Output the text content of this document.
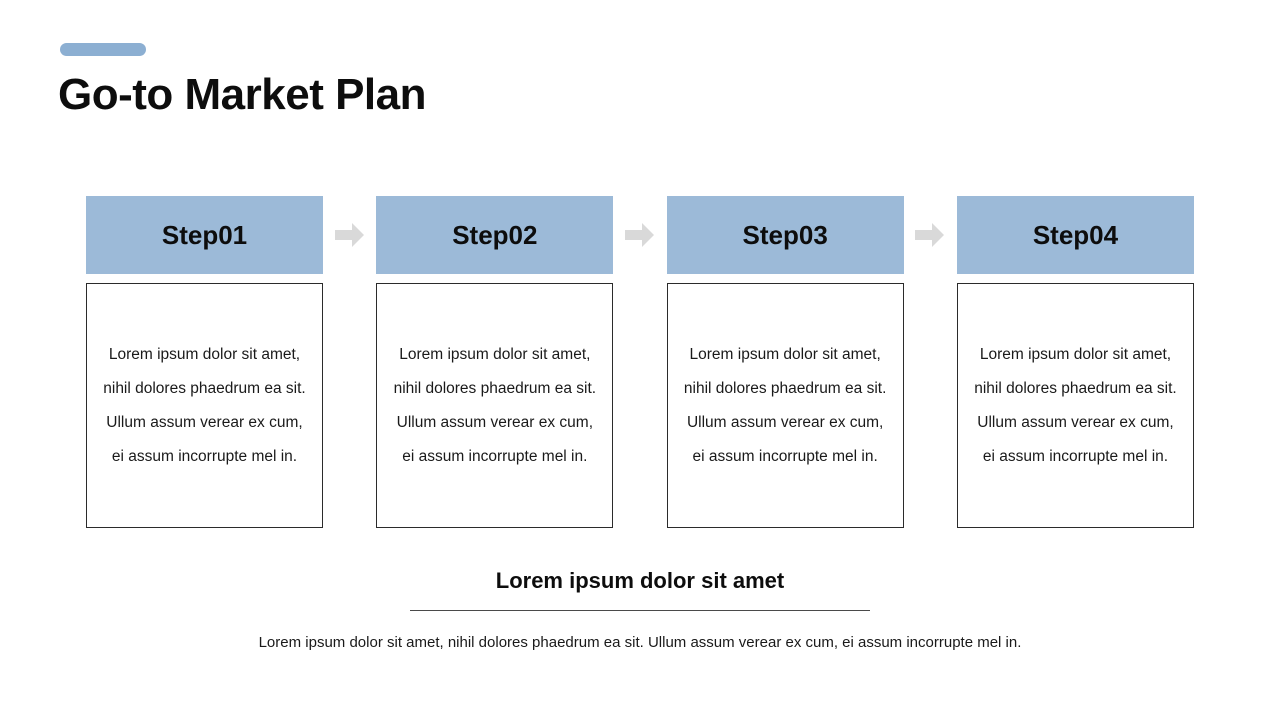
Go-to Market Plan
Step01
Lorem ipsum dolor sit amet, nihil dolores phaedrum ea sit. Ullum assum verear ex cum, ei assum incorrupte mel in.
Step02
Lorem ipsum dolor sit amet, nihil dolores phaedrum ea sit. Ullum assum verear ex cum, ei assum incorrupte mel in.
Step03
Lorem ipsum dolor sit amet, nihil dolores phaedrum ea sit. Ullum assum verear ex cum, ei assum incorrupte mel in.
Step04
Lorem ipsum dolor sit amet, nihil dolores phaedrum ea sit. Ullum assum verear ex cum, ei assum incorrupte mel in.
Lorem ipsum dolor sit amet
Lorem ipsum dolor sit amet, nihil dolores phaedrum ea sit. Ullum assum verear ex cum, ei assum incorrupte mel in.
